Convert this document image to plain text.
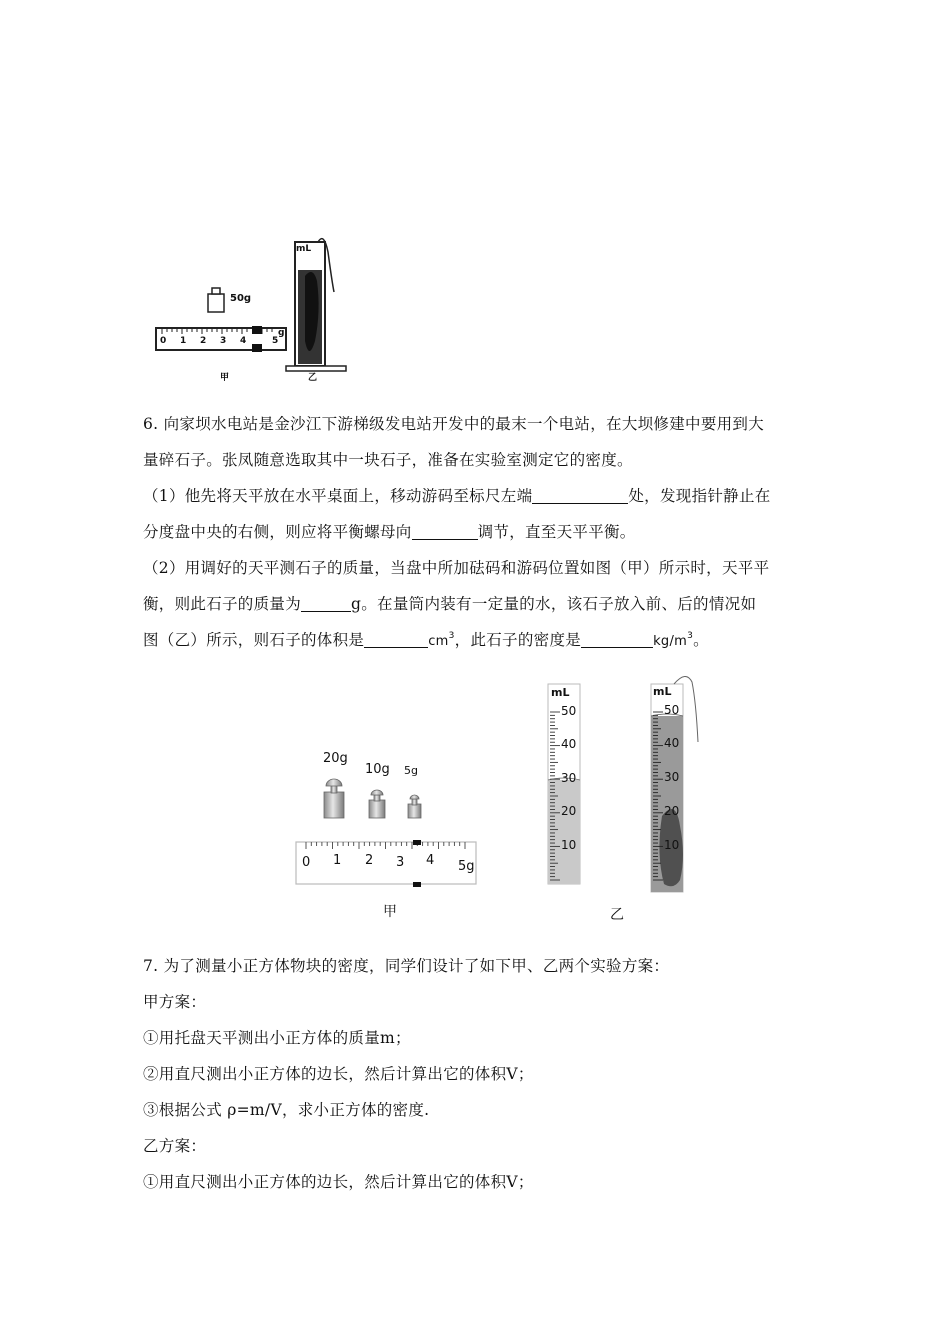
50g
0 1 2 3 4	5
g
mL
50
甲	乙
6. 向家坝水电站是金沙江下游梯级发电站开发中的最末一个电站，在大坝修建中要用到大
量碎石子。张凤随意选取其中一块石子，准备在实验室测定它的密度。
（1）他先将天平放在水平桌面上，移动游码至标尺左端	处，发现指针静止在
分度盘中央的右侧，则应将平衡螺母向	调节，直至天平平衡。
（2）用调好的天平测石子的质量，当盘中所加砝码和游码位置如图（甲）所示时，天平平
衡，则此石子的质量为	g。在量筒内装有一定量的水，该石子放入前、后的情况如
图（乙）所示，则石子的体积是	$cm^3$，此石子的密度是	$kg/m^3$。
20g
10g 5g
0 1 2 3 4 5g
甲
mL	mL
50
40
30
20
10
50
40
30
20
10
乙
7. 为了测量小正方体物块的密度，同学们设计了如下甲、乙两个实验方案：
甲方案：
①用托盘天平测出小正方体的质量m；
②用直尺测出小正方体的边长，然后计算出它的体积V；
③根据公式 ρ=m/V，求小正方体的密度.
乙方案：
①用直尺测出小正方体的边长，然后计算出它的体积V；
